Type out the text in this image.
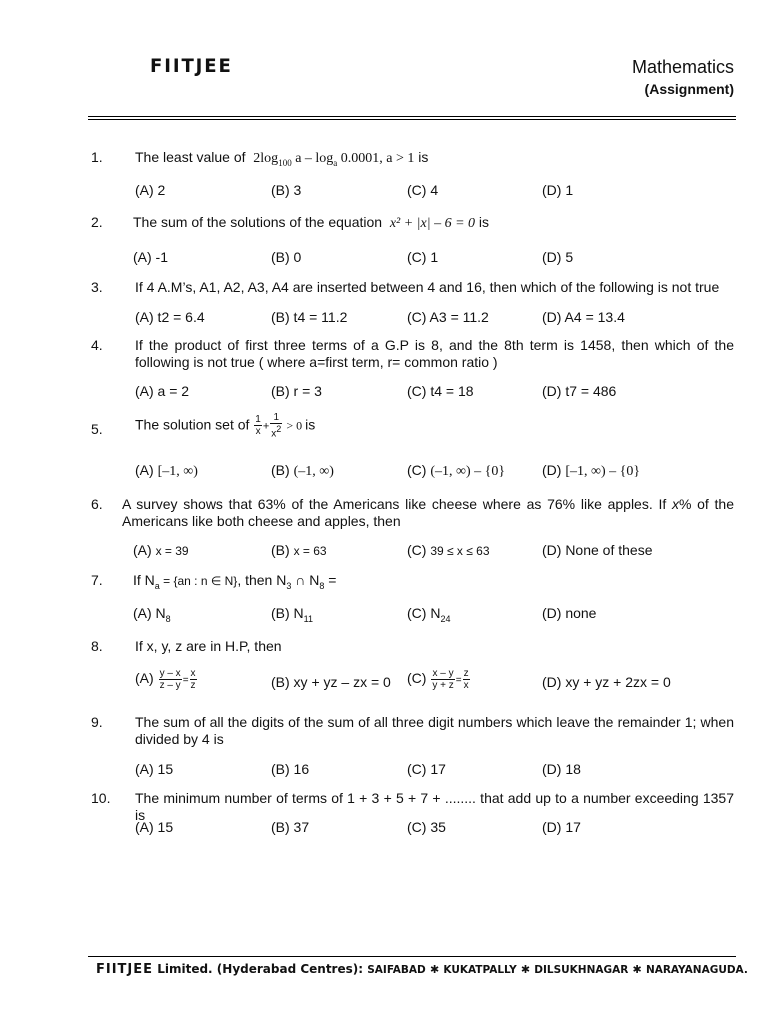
FIITJEE	Mathematics
(Assignment)
1. The least value of $2\log_{100}$ a – $\log_a 0.0001$, a > 1 is
(A) 2	(B) 3	(C) 4	(D) 1
2. The sum of the solutions of the equation x² + |x| – 6 = 0 is
(A) -1	(B) 0	(C) 1	(D) 5
3. If 4 A.M’s, A1, A2, A3, A4 are inserted between 4 and 16, then which of the following is not true
(A) t2 = 6.4	(B) t4 = 11.2	(C) A3 = 11.2	(D) A4 = 13.4
4. If the product of first three terms of a G.P is 8, and the 8th term is 1458, then which of the following is not true ( where a=first term, r= common ratio )
(A) a = 2	(B) r = 3	(C) t4 = 18	(D) t7 = 486
5. The solution set of $\frac{1}{x} + \frac{1}{x^2} > 0$ is
(A) [–1, ∞)	(B) (–1, ∞)	(C) (–1, ∞) – {0}	(D) [–1, ∞) – {0}
6. A survey shows that 63% of the Americans like cheese where as 76% like apples. If x% of the Americans like both cheese and apples, then
(A) x = 39	(B) x = 63	(C) 39 ≤ x ≤ 63	(D) None of these
7. If $N_a = \{an$ : n ∈ N}, then $N_3$ ∩ $N_8$ =
(A) $N_8$	(B) $N_{11}$	(C) $N_{24}$	(D) none
8. If x, y, z are in H.P, then
$(A) \frac{y - x}{z - y} = \frac{x}{z}$	(B) xy + yz – zx = 0 $(C) \frac{x - y}{y + z} = \frac{z}{x}$	(D) xy + yz + 2zx = 0
9. The sum of all the digits of the sum of all three digit numbers which leave the remainder 1; when divided by 4 is
(A) 15	(B) 16	(C) 17	(D) 18
10. The minimum number of terms of 1 + 3 + 5 + 7 + ........ that add up to a number exceeding 1357 is
(A) 15	(B) 37	(C) 35	(D) 17
FIITJEE Limited. (Hyderabad Centres): SAIFABAD ✱ KUKATPALLY ✱ DILSUKHNAGAR ✱ NARAYANAGUDA.
